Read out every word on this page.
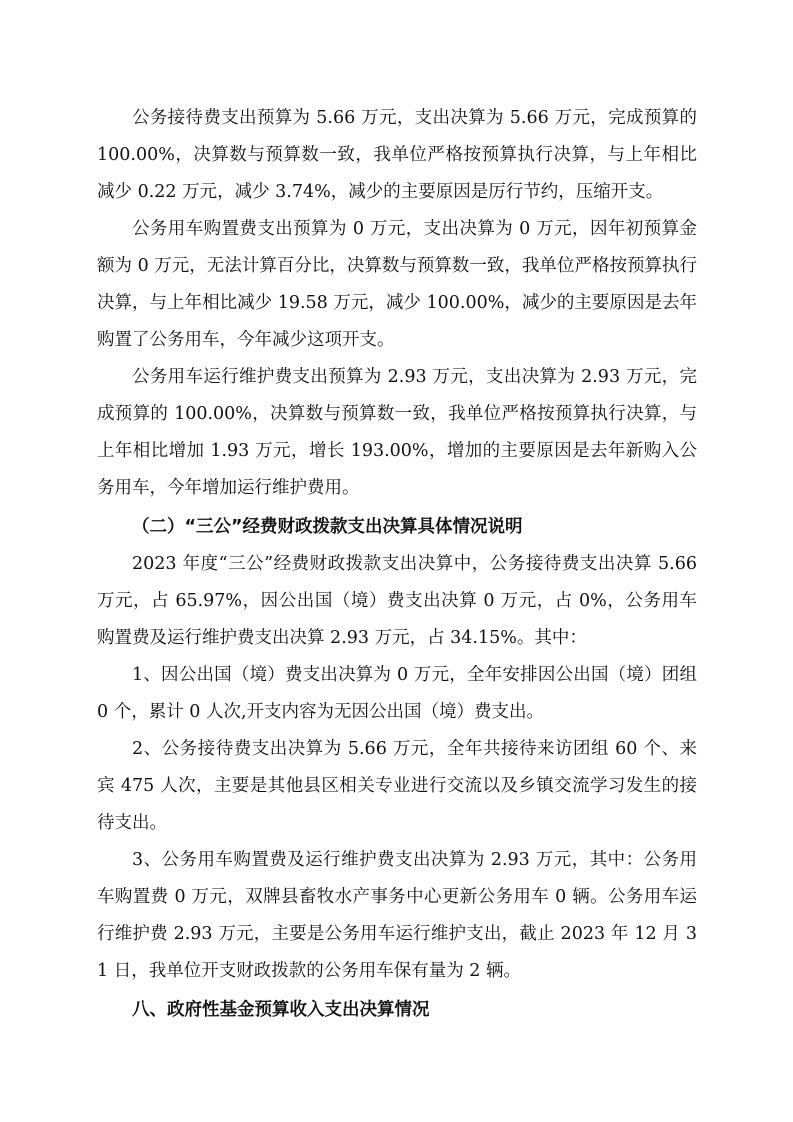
公务接待费支出预算为 5.66 万元，支出决算为 5.66 万元，完成预算的 100.00%，决算数与预算数一致，我单位严格按预算执行决算，与上年相比减少 0.22 万元，减少 3.74%，减少的主要原因是厉行节约，压缩开支。

公务用车购置费支出预算为 0 万元，支出决算为 0 万元，因年初预算金额为 0 万元，无法计算百分比，决算数与预算数一致，我单位严格按预算执行决算，与上年相比减少 19.58 万元，减少 100.00%，减少的主要原因是去年购置了公务用车，今年减少这项开支。

公务用车运行维护费支出预算为 2.93 万元，支出决算为 2.93 万元，完成预算的 100.00%，决算数与预算数一致，我单位严格按预算执行决算，与上年相比增加 1.93 万元，增长 193.00%，增加的主要原因是去年新购入公务用车，今年增加运行维护费用。

（二）“三公”经费财政拨款支出决算具体情况说明

2023 年度“三公”经费财政拨款支出决算中，公务接待费支出决算 5.66 万元，占 65.97%，因公出国（境）费支出决算 0 万元，占 0%，公务用车购置费及运行维护费支出决算 2.93 万元，占 34.15%。其中：

1、因公出国（境）费支出决算为 0 万元，全年安排因公出国（境）团组 0 个，累计 0 人次,开支内容为无因公出国（境）费支出。

2、公务接待费支出决算为 5.66 万元，全年共接待来访团组 60 个、来宾 475 人次，主要是其他县区相关专业进行交流以及乡镇交流学习发生的接待支出。

3、公务用车购置费及运行维护费支出决算为 2.93 万元，其中：公务用车购置费 0 万元，双牌县畜牧水产事务中心更新公务用车 0 辆。公务用车运行维护费 2.93 万元，主要是公务用车运行维护支出，截止 2023 年 12 月 31 日，我单位开支财政拨款的公务用车保有量为 2 辆。

八、政府性基金预算收入支出决算情况
